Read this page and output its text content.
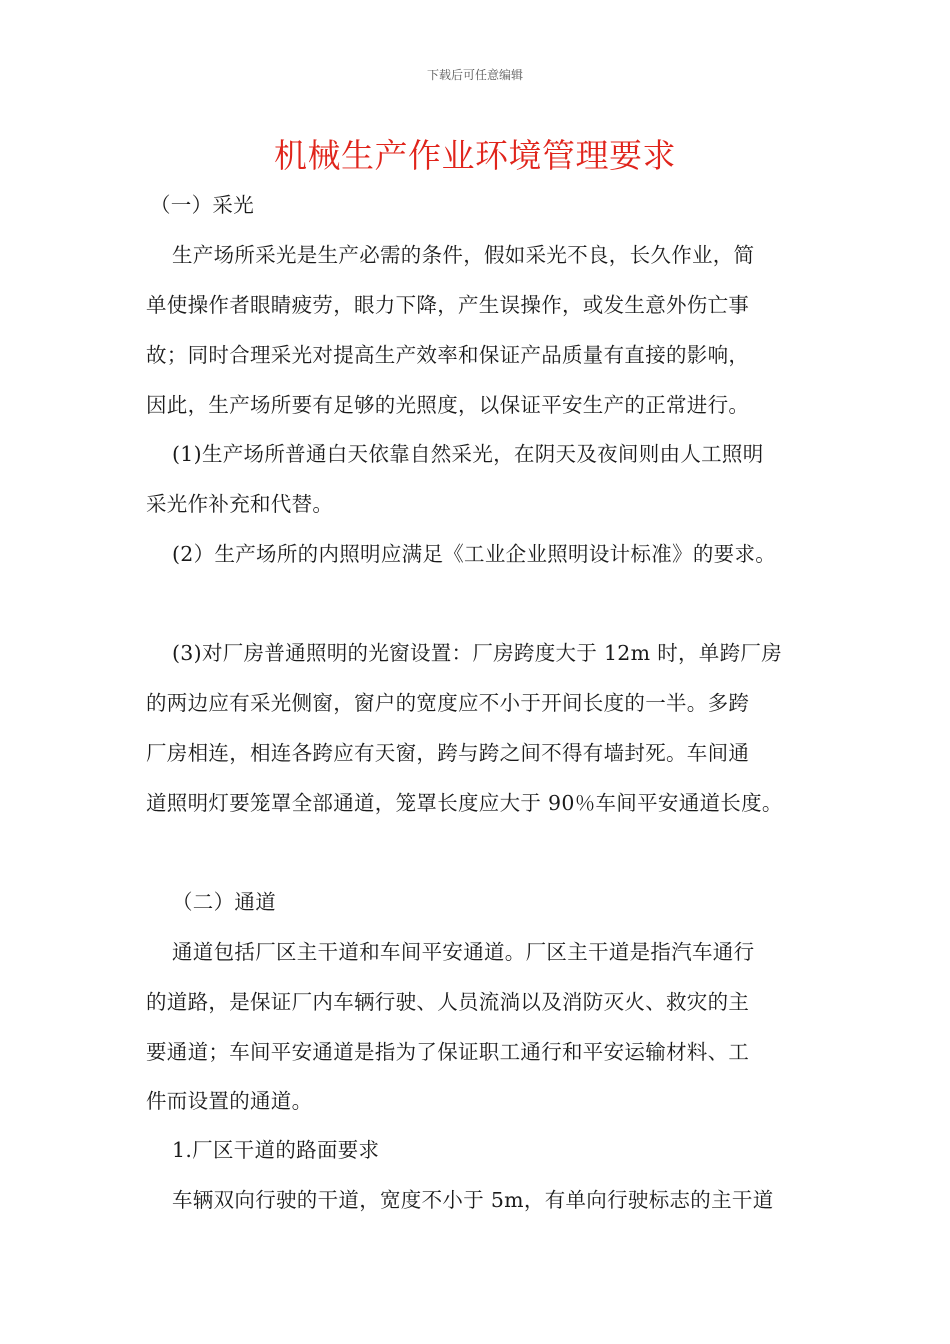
下载后可任意编辑
机械生产作业环境管理要求
（一）采光
生产场所采光是生产必需的条件，假如采光不良，长久作业，简
单使操作者眼睛疲劳，眼力下降，产生误操作，或发生意外伤亡事
故；同时合理采光对提高生产效率和保证产品质量有直接的影响，
因此，生产场所要有足够的光照度，以保证平安生产的正常进行。
(1)生产场所普通白天依靠自然采光，在阴天及夜间则由人工照明
采光作补充和代替。
(2）生产场所的内照明应满足《工业企业照明设计标准》的要求。
(3)对厂房普通照明的光窗设置：厂房跨度大于 12m 时，单跨厂房
的两边应有采光侧窗，窗户的宽度应不小于开间长度的一半。多跨
厂房相连，相连各跨应有天窗，跨与跨之间不得有墙封死。车间通
道照明灯要笼罩全部通道，笼罩长度应大于 90％车间平安通道长度。
（二）通道
通道包括厂区主干道和车间平安通道。厂区主干道是指汽车通行
的道路，是保证厂内车辆行驶、人员流淌以及消防灭火、救灾的主
要通道；车间平安通道是指为了保证职工通行和平安运输材料、工
件而设置的通道。
1.厂区干道的路面要求
车辆双向行驶的干道，宽度不小于 5m，有单向行驶标志的主干道
